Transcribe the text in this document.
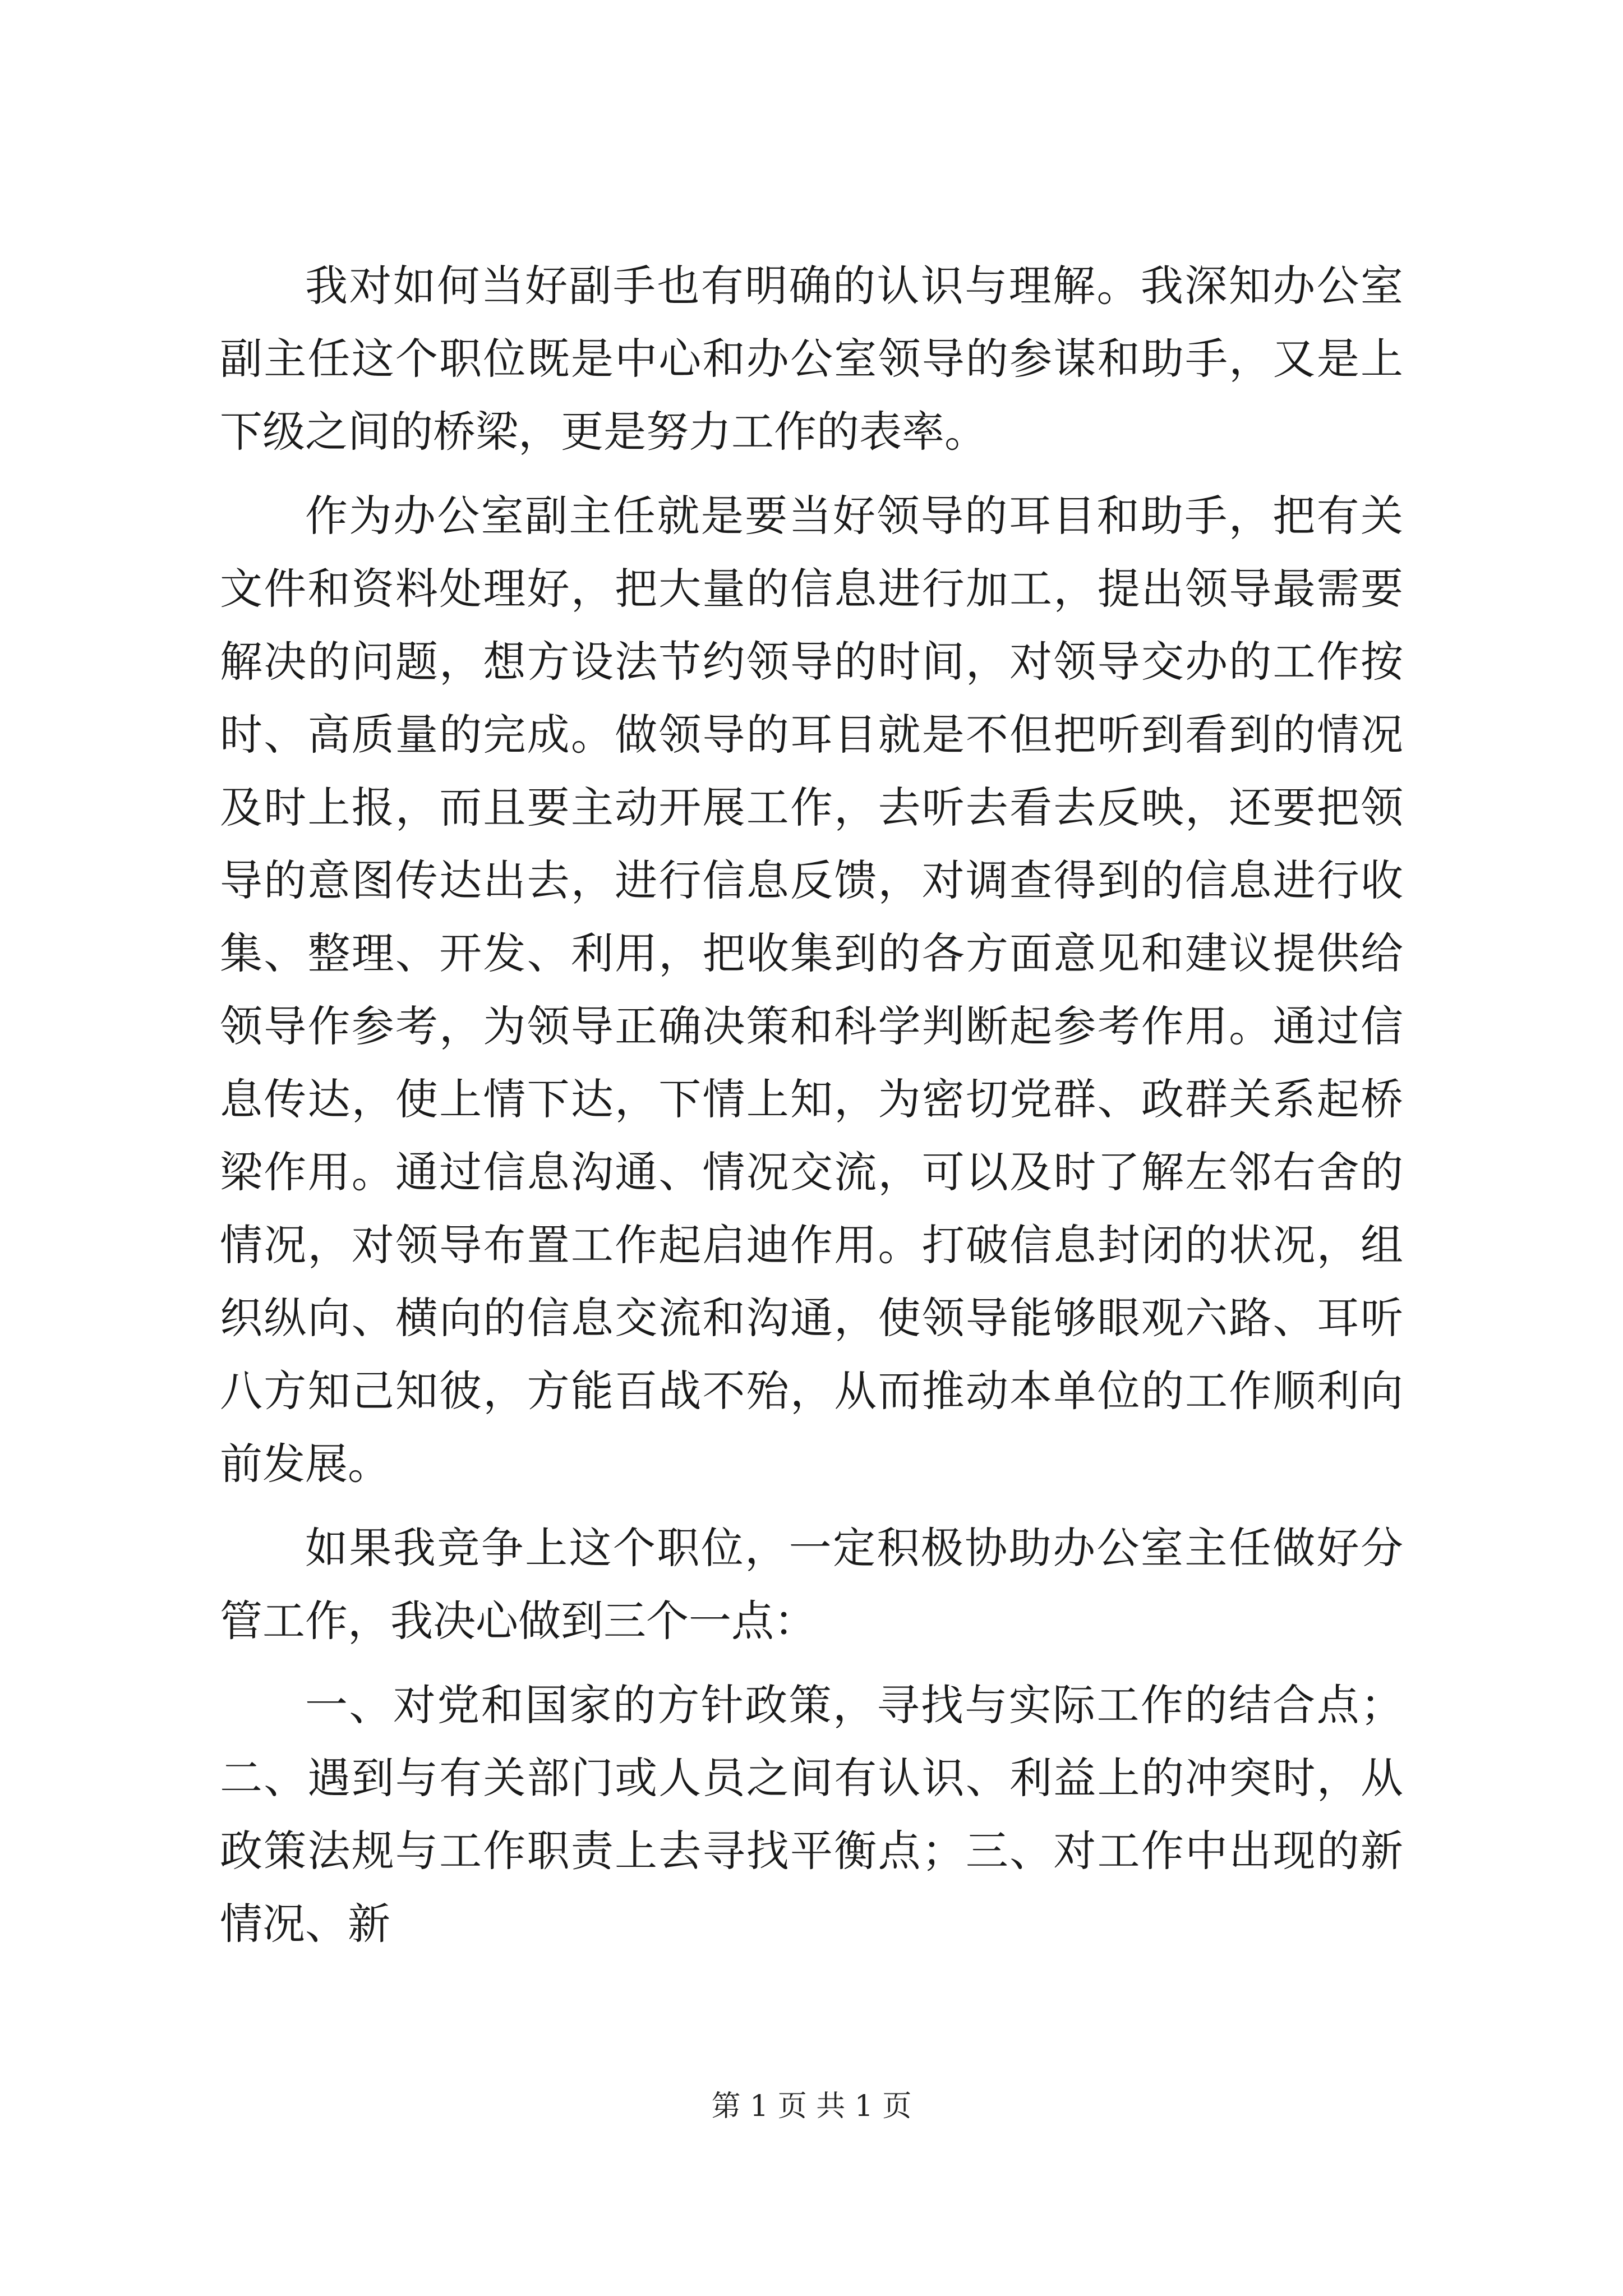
我对如何当好副手也有明确的认识与理解。我深知办公室副主任这个职位既是中心和办公室领导的参谋和助手，又是上下级之间的桥梁，更是努力工作的表率。

作为办公室副主任就是要当好领导的耳目和助手，把有关文件和资料处理好，把大量的信息进行加工，提出领导最需要解决的问题，想方设法节约领导的时间，对领导交办的工作按时、高质量的完成。做领导的耳目就是不但把听到看到的情况及时上报，而且要主动开展工作，去听去看去反映，还要把领导的意图传达出去，进行信息反馈，对调查得到的信息进行收集、整理、开发、利用，把收集到的各方面意见和建议提供给领导作参考，为领导正确决策和科学判断起参考作用。通过信息传达，使上情下达，下情上知，为密切党群、政群关系起桥梁作用。通过信息沟通、情况交流，可以及时了解左邻右舍的情况，对领导布置工作起启迪作用。打破信息封闭的状况，组织纵向、横向的信息交流和沟通，使领导能够眼观六路、耳听八方知己知彼，方能百战不殆，从而推动本单位的工作顺利向前发展。

如果我竞争上这个职位，一定积极协助办公室主任做好分管工作，我决心做到三个一点：

一、对党和国家的方针政策，寻找与实际工作的结合点；二、遇到与有关部门或人员之间有认识、利益上的冲突时，从政策法规与工作职责上去寻找平衡点；三、对工作中出现的新情况、新

第 1 页 共 1 页
